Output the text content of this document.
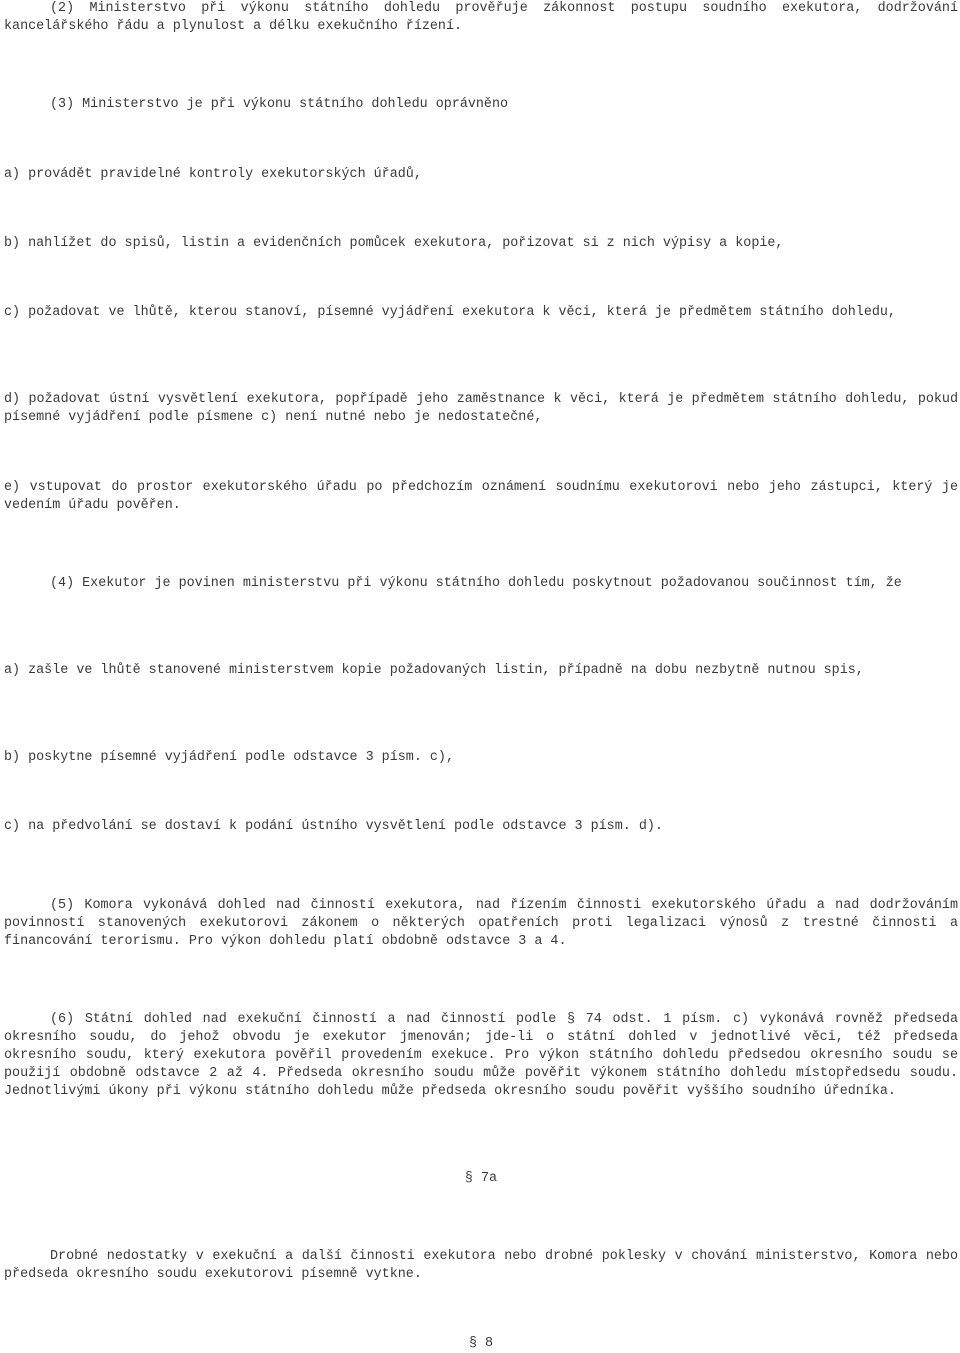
(2) Ministerstvo při výkonu státního dohledu prověřuje zákonnost postupu soudního exekutora, dodržování kancelářského řádu a plynulost a délku exekučního řízení.

(3) Ministerstvo je při výkonu státního dohledu oprávněno

a) provádět pravidelné kontroly exekutorských úřadů,

b) nahlížet do spisů, listin a evidenčních pomůcek exekutora, pořizovat si z nich výpisy a kopie,

c) požadovat ve lhůtě, kterou stanoví, písemné vyjádření exekutora k věci, která je předmětem státního dohledu,

d) požadovat ústní vysvětlení exekutora, popřípadě jeho zaměstnance k věci, která je předmětem státního dohledu, pokud písemné vyjádření podle písmene c) není nutné nebo je nedostatečné,

e) vstupovat do prostor exekutorského úřadu po předchozím oznámení soudnímu exekutorovi nebo jeho zástupci, který je vedením úřadu pověřen.

(4) Exekutor je povinen ministerstvu při výkonu státního dohledu poskytnout požadovanou součinnost tím, že

a) zašle ve lhůtě stanovené ministerstvem kopie požadovaných listin, případně na dobu nezbytně nutnou spis,

b) poskytne písemné vyjádření podle odstavce 3 písm. c),

c) na předvolání se dostaví k podání ústního vysvětlení podle odstavce 3 písm. d).

(5) Komora vykonává dohled nad činností exekutora, nad řízením činnosti exekutorského úřadu a nad dodržováním povinností stanovených exekutorovi zákonem o některých opatřeních proti legalizaci výnosů z trestné činnosti a financování terorismu. Pro výkon dohledu platí obdobně odstavce 3 a 4.

(6) Státní dohled nad exekuční činností a nad činností podle § 74 odst. 1 písm. c) vykonává rovněž předseda okresního soudu, do jehož obvodu je exekutor jmenován; jde-li o státní dohled v jednotlivé věci, též předseda okresního soudu, který exekutora pověřil provedením exekuce. Pro výkon státního dohledu předsedou okresního soudu se použijí obdobně odstavce 2 až 4. Předseda okresního soudu může pověřit výkonem státního dohledu místopředsedu soudu. Jednotlivými úkony při výkonu státního dohledu může předseda okresního soudu pověřit vyššího soudního úředníka.

§ 7a

Drobné nedostatky v exekuční a další činnosti exekutora nebo drobné poklesky v chování ministerstvo, Komora nebo předseda okresního soudu exekutorovi písemně vytkne.

§ 8
